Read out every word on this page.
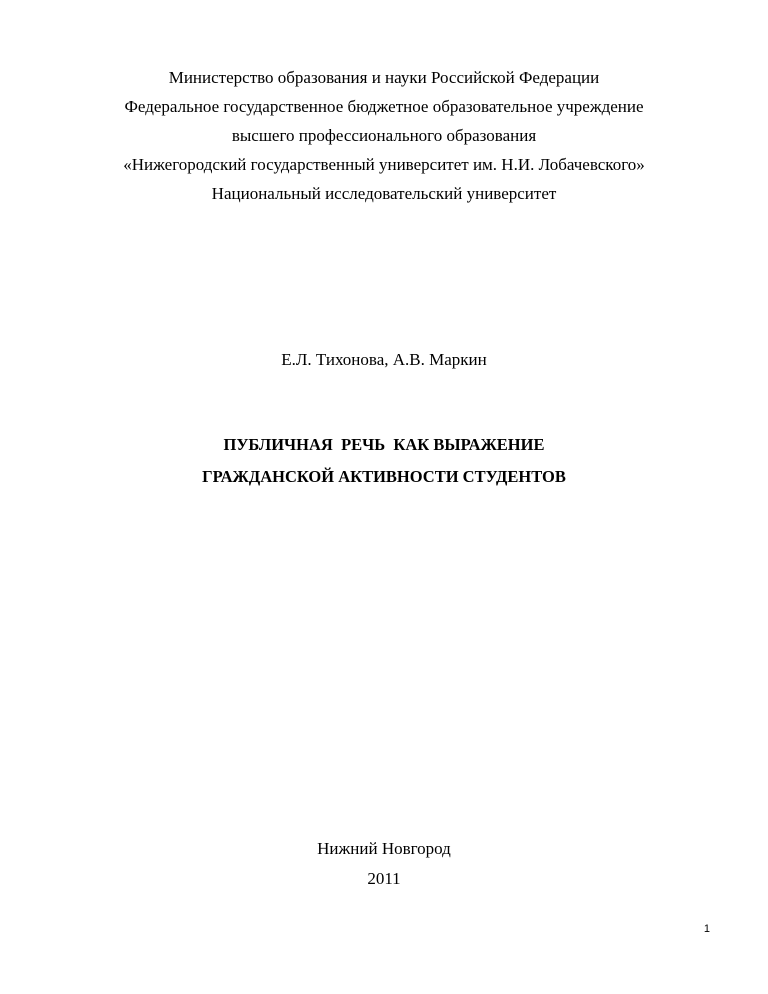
Министерство образования и науки Российской Федерации
Федеральное государственное бюджетное образовательное учреждение
высшего профессионального образования
«Нижегородский государственный университет им. Н.И. Лобачевского»
Национальный исследовательский университет
Е.Л. Тихонова, А.В. Маркин
ПУБЛИЧНАЯ  РЕЧЬ  КАК ВЫРАЖЕНИЕ
ГРАЖДАНСКОЙ АКТИВНОСТИ СТУДЕНТОВ
Нижний Новгород
2011
1
